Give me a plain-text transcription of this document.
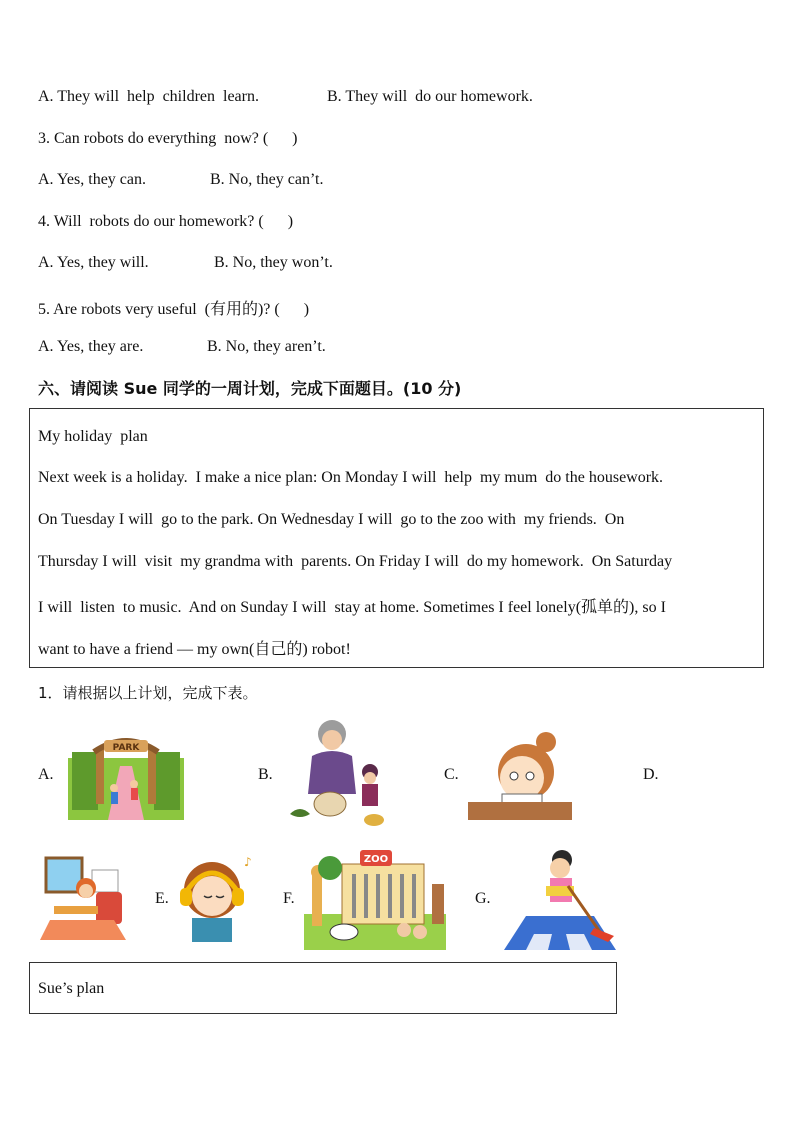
A. They will  help  children  learn.	B. They will  do our homework.
3. Can robots do everything  now? (      )
A. Yes, they can.	B. No, they can’t.
4. Will  robots do our homework? (      )
A. Yes, they will.	B. No, they won’t.
5. Are robots very useful  (有用的)? (      )
A. Yes, they are.	B. No, they aren’t.
六、请阅读 Sue 同学的一周计划，完成下面题目。(10 分)
My holiday  plan
Next week is a holiday.  I make a nice plan: On Monday I will  help  my mum  do the housework.
On Tuesday I will  go to the park. On Wednesday I will  go to the zoo with  my friends.  On
Thursday I will  visit  my grandma with  parents. On Friday I will  do my homework.  On Saturday
I will  listen  to music.  And on Sunday I will  stay at home. Sometimes I feel lonely(孤单的), so I
want to have a friend — my own(自己的) robot!
1．请根据以上计划，完成下表。
A.	B.	C.	D.
E.	F.	G.
PARK
♪	ZOO
Sue’s plan
